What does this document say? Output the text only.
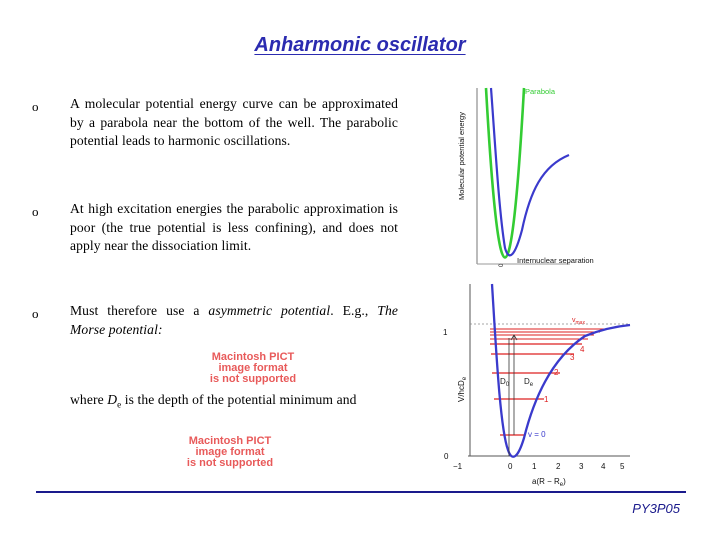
Anharmonic oscillator
o A molecular potential energy curve can be approximated by a parabola near the bottom of the well. The parabolic potential leads to harmonic oscillations.
o At high excitation energies the parabolic approximation is poor (the true potential is less confining), and does not apply near the dissociation limit.
o Must therefore use a asymmetric potential. E.g., The Morse potential:
Macintosh PICT
image format
is not supported
where $D_e$ is the depth of the potential minimum and
Macintosh PICT
image format
is not supported
Molecular potential energy
Parabola
Internuclear separation
0
$D_0$ $D_e$
$v_{max}$
1
2
3
4
v = 0
V/hcD$_e$
1
0
−1	0 1 2 3 4 5
$a(R - R_e)$
PY3P05
